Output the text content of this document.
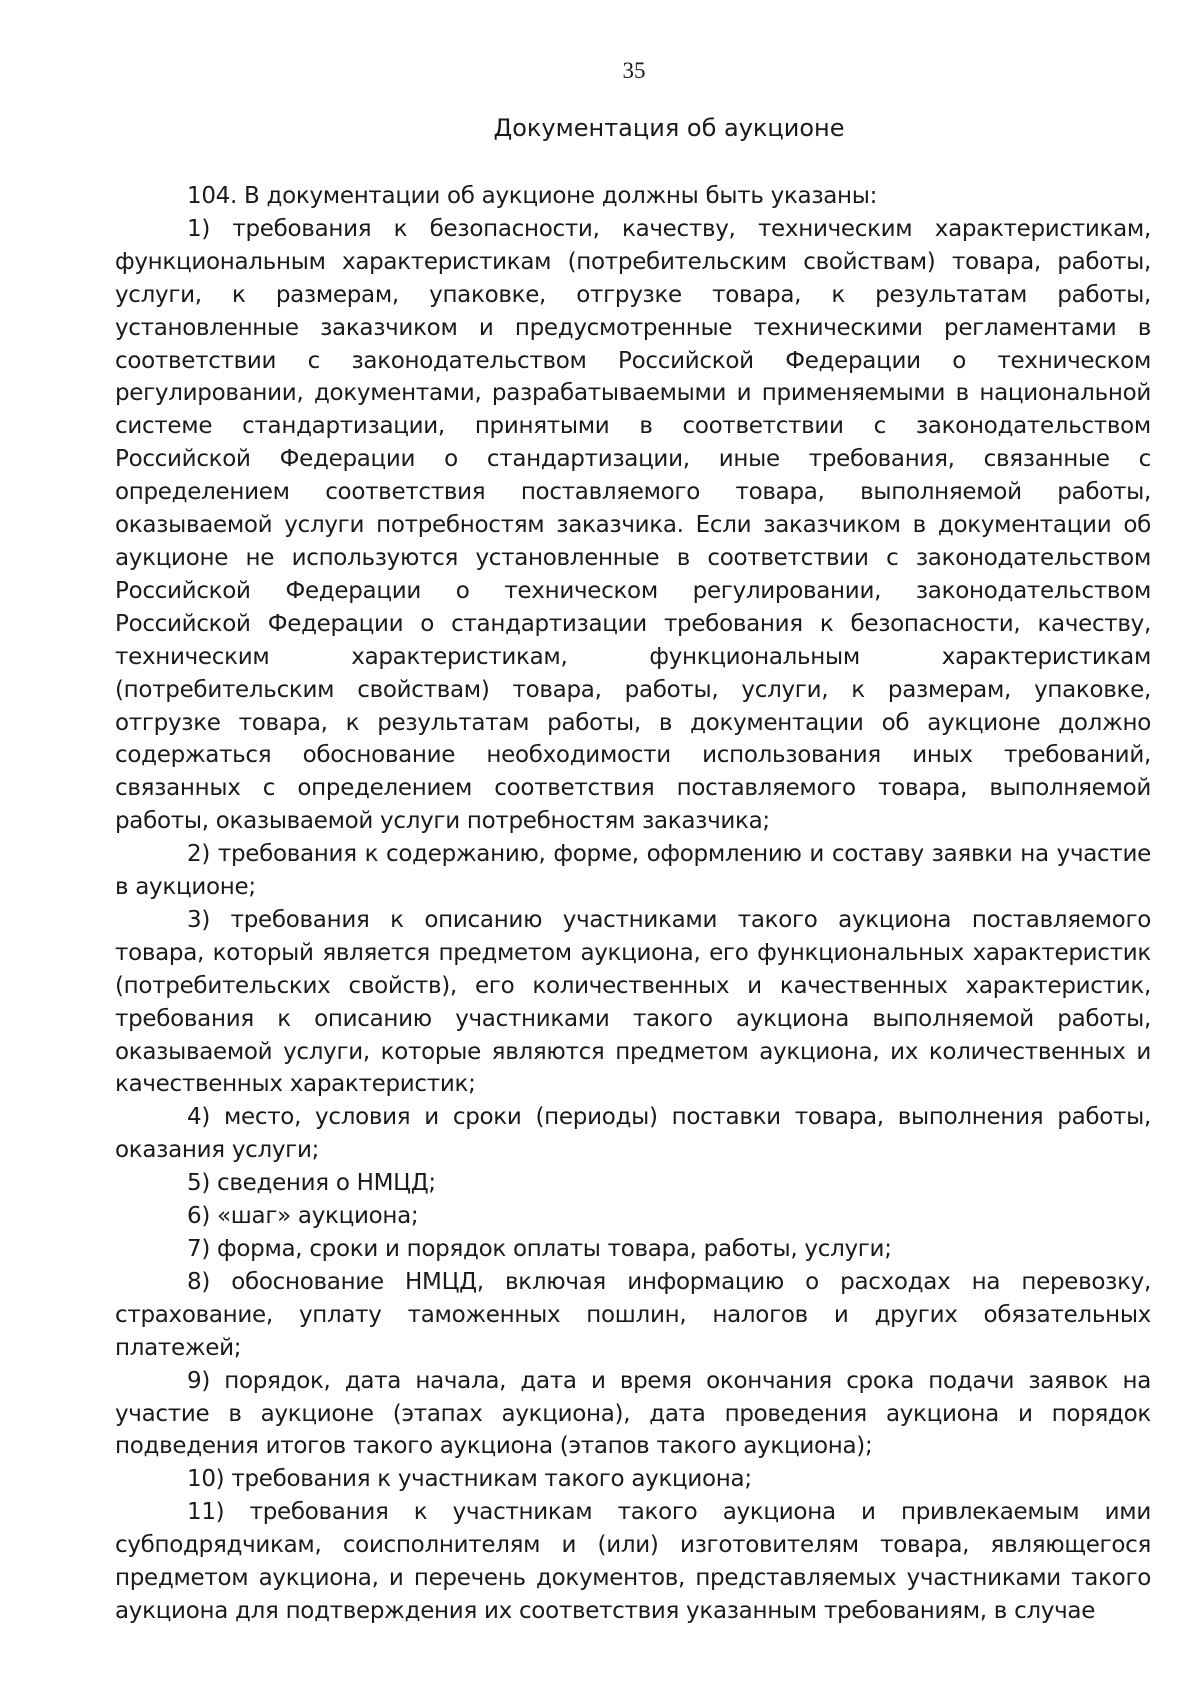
35
Документация об аукционе

104. В документации об аукционе должны быть указаны:

1) требования к безопасности, качеству, техническим характеристикам, функциональным характеристикам (потребительским свойствам) товара, работы, услуги, к размерам, упаковке, отгрузке товара, к результатам работы, установленные заказчиком и предусмотренные техническими регламентами в соответствии с законодательством Российской Федерации о техническом регулировании, документами, разрабатываемыми и применяемыми в национальной системе стандартизации, принятыми в соответствии с законодательством Российской Федерации о стандартизации, иные требования, связанные с определением соответствия поставляемого товара, выполняемой работы, оказываемой услуги потребностям заказчика. Если заказчиком в документации об аукционе не используются установленные в соответствии с законодательством Российской Федерации о техническом регулировании, законодательством Российской Федерации о стандартизации требования к безопасности, качеству, техническим характеристикам, функциональным характеристикам (потребительским свойствам) товара, работы, услуги, к размерам, упаковке, отгрузке товара, к результатам работы, в документации об аукционе должно содержаться обоснование необходимости использования иных требований, связанных с определением соответствия поставляемого товара, выполняемой работы, оказываемой услуги потребностям заказчика;

2) требования к содержанию, форме, оформлению и составу заявки на участие в аукционе;

3) требования к описанию участниками такого аукциона поставляемого товара, который является предметом аукциона, его функциональных характеристик (потребительских свойств), его количественных и качественных характеристик, требования к описанию участниками такого аукциона выполняемой работы, оказываемой услуги, которые являются предметом аукциона, их количественных и качественных характеристик;

4) место, условия и сроки (периоды) поставки товара, выполнения работы, оказания услуги;

5) сведения о НМЦД;

6) «шаг» аукциона;

7) форма, сроки и порядок оплаты товара, работы, услуги;

8) обоснование НМЦД, включая информацию о расходах на перевозку, страхование, уплату таможенных пошлин, налогов и других обязательных платежей;

9) порядок, дата начала, дата и время окончания срока подачи заявок на участие в аукционе (этапах аукциона), дата проведения аукциона и порядок подведения итогов такого аукциона (этапов такого аукциона);

10) требования к участникам такого аукциона;

11) требования к участникам такого аукциона и привлекаемым ими субподрядчикам, соисполнителям и (или) изготовителям товара, являющегося предметом аукциона, и перечень документов, представляемых участниками такого аукциона для подтверждения их соответствия указанным требованиям, в случае
